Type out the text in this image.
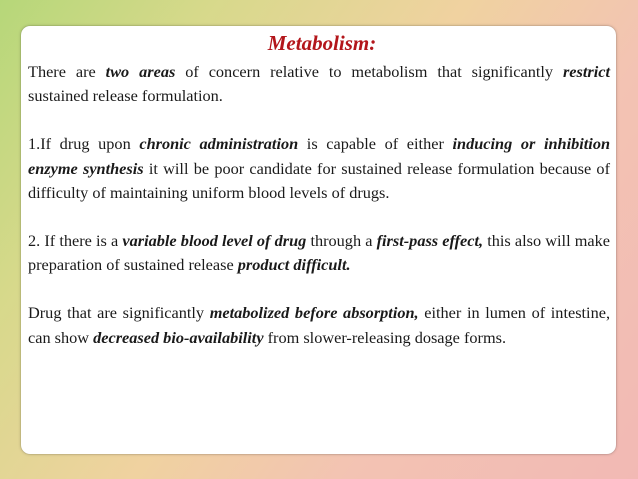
Metabolism:

There are two areas of concern relative to metabolism that significantly restrict sustained release formulation.

1.If drug upon chronic administration is capable of either inducing or inhibition enzyme synthesis it will be poor candidate for sustained release formulation because of difficulty of maintaining uniform blood levels of drugs.

2. If there is a variable blood level of drug through a first-pass effect, this also will make preparation of sustained release product difficult.

Drug that are significantly metabolized before absorption, either in lumen of intestine, can show decreased bio-availability from slower-releasing dosage forms.
